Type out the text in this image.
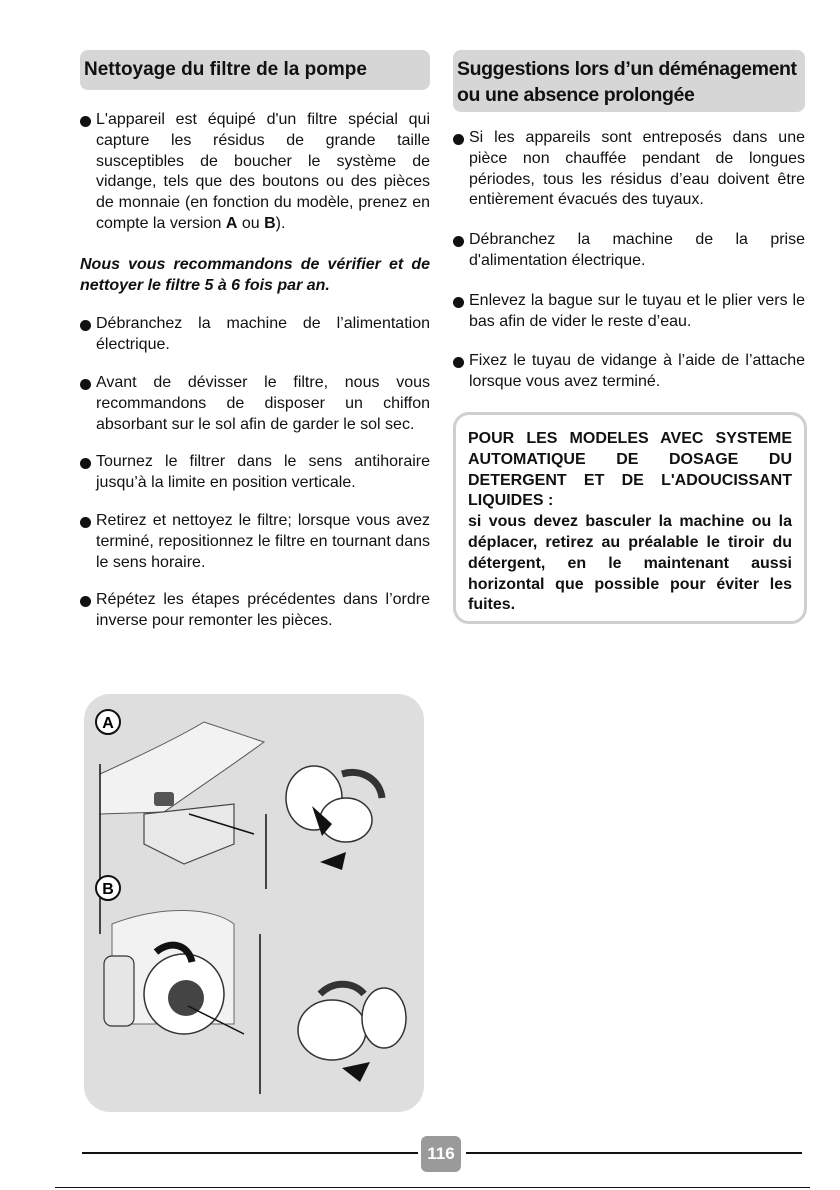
Nettoyage du filtre de la pompe
L'appareil est équipé d'un filtre spécial qui capture les résidus de grande taille susceptibles de boucher le système de vidange, tels que des boutons ou des pièces de monnaie (en fonction du modèle, prenez en compte la version A ou B).
Nous vous recommandons de vérifier et de nettoyer le filtre 5 à 6 fois par an.
Débranchez la machine de l’alimentation électrique.
Avant de dévisser le filtre, nous vous recommandons de disposer un chiffon absorbant sur le sol afin de garder le sol sec.
Tournez le filtrer dans le sens antihoraire jusqu’à la limite en position verticale.
Retirez et nettoyez le filtre; lorsque vous avez terminé, repositionnez le filtre en tournant dans le sens horaire.
Répétez les étapes précédentes dans l’ordre inverse pour remonter les pièces.
A
B
Suggestions lors d’un déménagement
ou une absence prolongée
Si les appareils sont entreposés dans une pièce non chauffée pendant de longues périodes, tous les résidus d’eau doivent être entièrement évacués des tuyaux.
Débranchez la machine de la prise d'alimentation électrique.
Enlevez la bague sur le tuyau et le plier vers le bas afin de vider le reste d’eau.
Fixez le tuyau de vidange à l’aide de l’attache lorsque vous avez terminé.

POUR LES MODELES AVEC SYSTEME AUTOMATIQUE DE DOSAGE DU DETERGENT ET DE L'ADOUCISSANT LIQUIDES :

si vous devez basculer la machine ou la déplacer, retirez au préalable le tiroir du détergent, en le maintenant aussi horizontal que possible pour éviter les fuites.

116
